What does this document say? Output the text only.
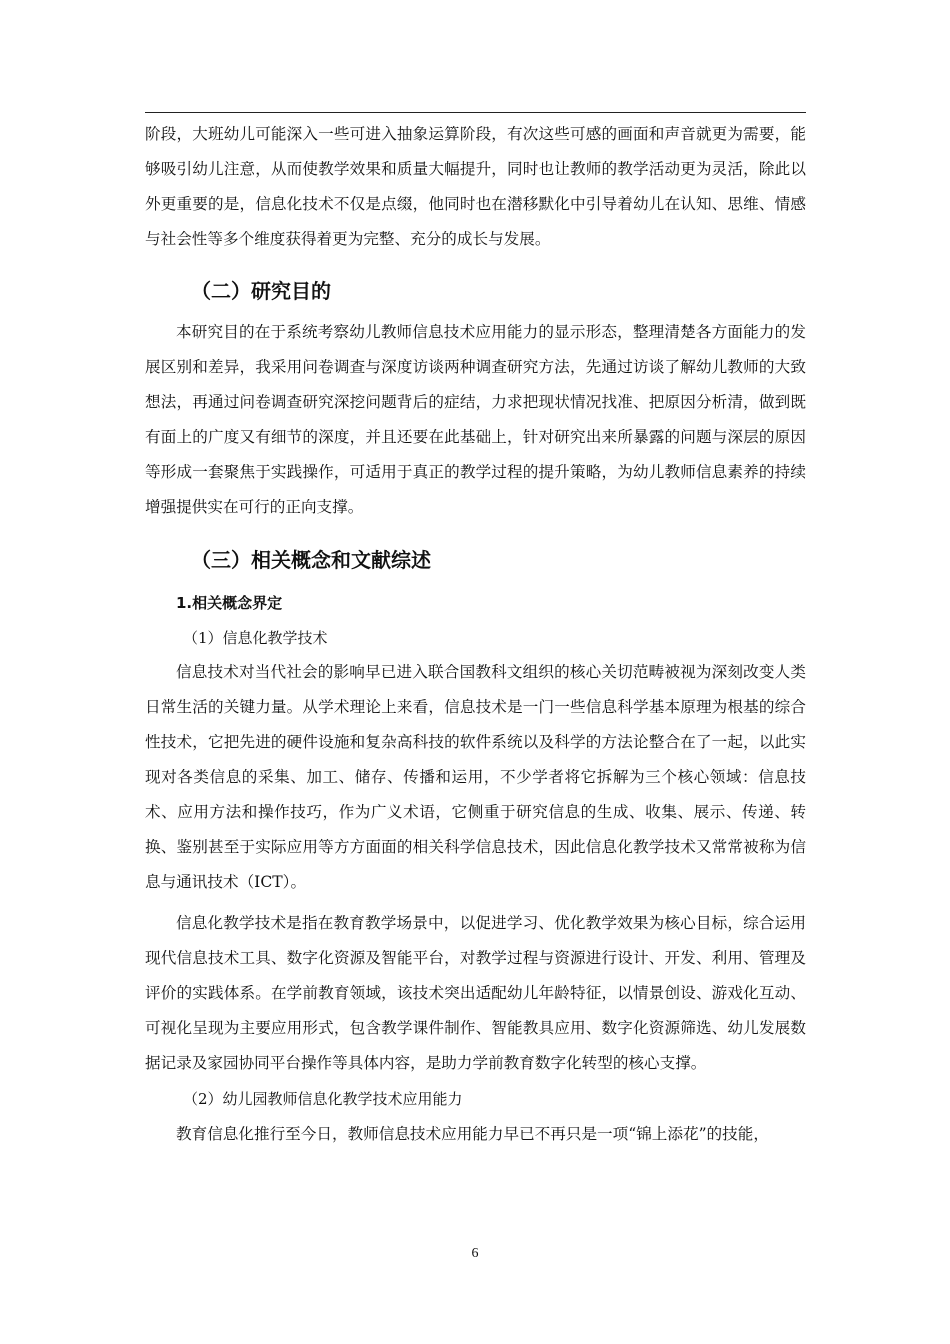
阶段，大班幼儿可能深入一些可进入抽象运算阶段，有次这些可感的画面和声音就更为需要，能够吸引幼儿注意，从而使教学效果和质量大幅提升，同时也让教师的教学活动更为灵活，除此以外更重要的是，信息化技术不仅是点缀，他同时也在潜移默化中引导着幼儿在认知、思维、情感与社会性等多个维度获得着更为完整、充分的成长与发展。

（二）研究目的

本研究目的在于系统考察幼儿教师信息技术应用能力的显示形态，整理清楚各方面能力的发展区别和差异，我采用问卷调查与深度访谈两种调查研究方法，先通过访谈了解幼儿教师的大致想法，再通过问卷调查研究深挖问题背后的症结，力求把现状情况找准、把原因分析清，做到既有面上的广度又有细节的深度，并且还要在此基础上，针对研究出来所暴露的问题与深层的原因等形成一套聚焦于实践操作，可适用于真正的教学过程的提升策略，为幼儿教师信息素养的持续增强提供实在可行的正向支撑。

（三）相关概念和文献综述
1.相关概念界定
（1）信息化教学技术

信息技术对当代社会的影响早已进入联合国教科文组织的核心关切范畴被视为深刻改变人类日常生活的关键力量。从学术理论上来看，信息技术是一门一些信息科学基本原理为根基的综合性技术，它把先进的硬件设施和复杂高科技的软件系统以及科学的方法论整合在了一起，以此实现对各类信息的采集、加工、储存、传播和运用，不少学者将它拆解为三个核心领域：信息技术、应用方法和操作技巧，作为广义术语，它侧重于研究信息的生成、收集、展示、传递、转换、鉴别甚至于实际应用等方方面面的相关科学信息技术，因此信息化教学技术又常常被称为信息与通讯技术（ICT）。

信息化教学技术是指在教育教学场景中，以促进学习、优化教学效果为核心目标，综合运用现代信息技术工具、数字化资源及智能平台，对教学过程与资源进行设计、开发、利用、管理及评价的实践体系。在学前教育领域，该技术突出适配幼儿年龄特征，以情景创设、游戏化互动、可视化呈现为主要应用形式，包含教学课件制作、智能教具应用、数字化资源筛选、幼儿发展数据记录及家园协同平台操作等具体内容，是助力学前教育数字化转型的核心支撑。

（2）幼儿园教师信息化教学技术应用能力

教育信息化推行至今日，教师信息技术应用能力早已不再只是一项“锦上添花”的技能，

6
